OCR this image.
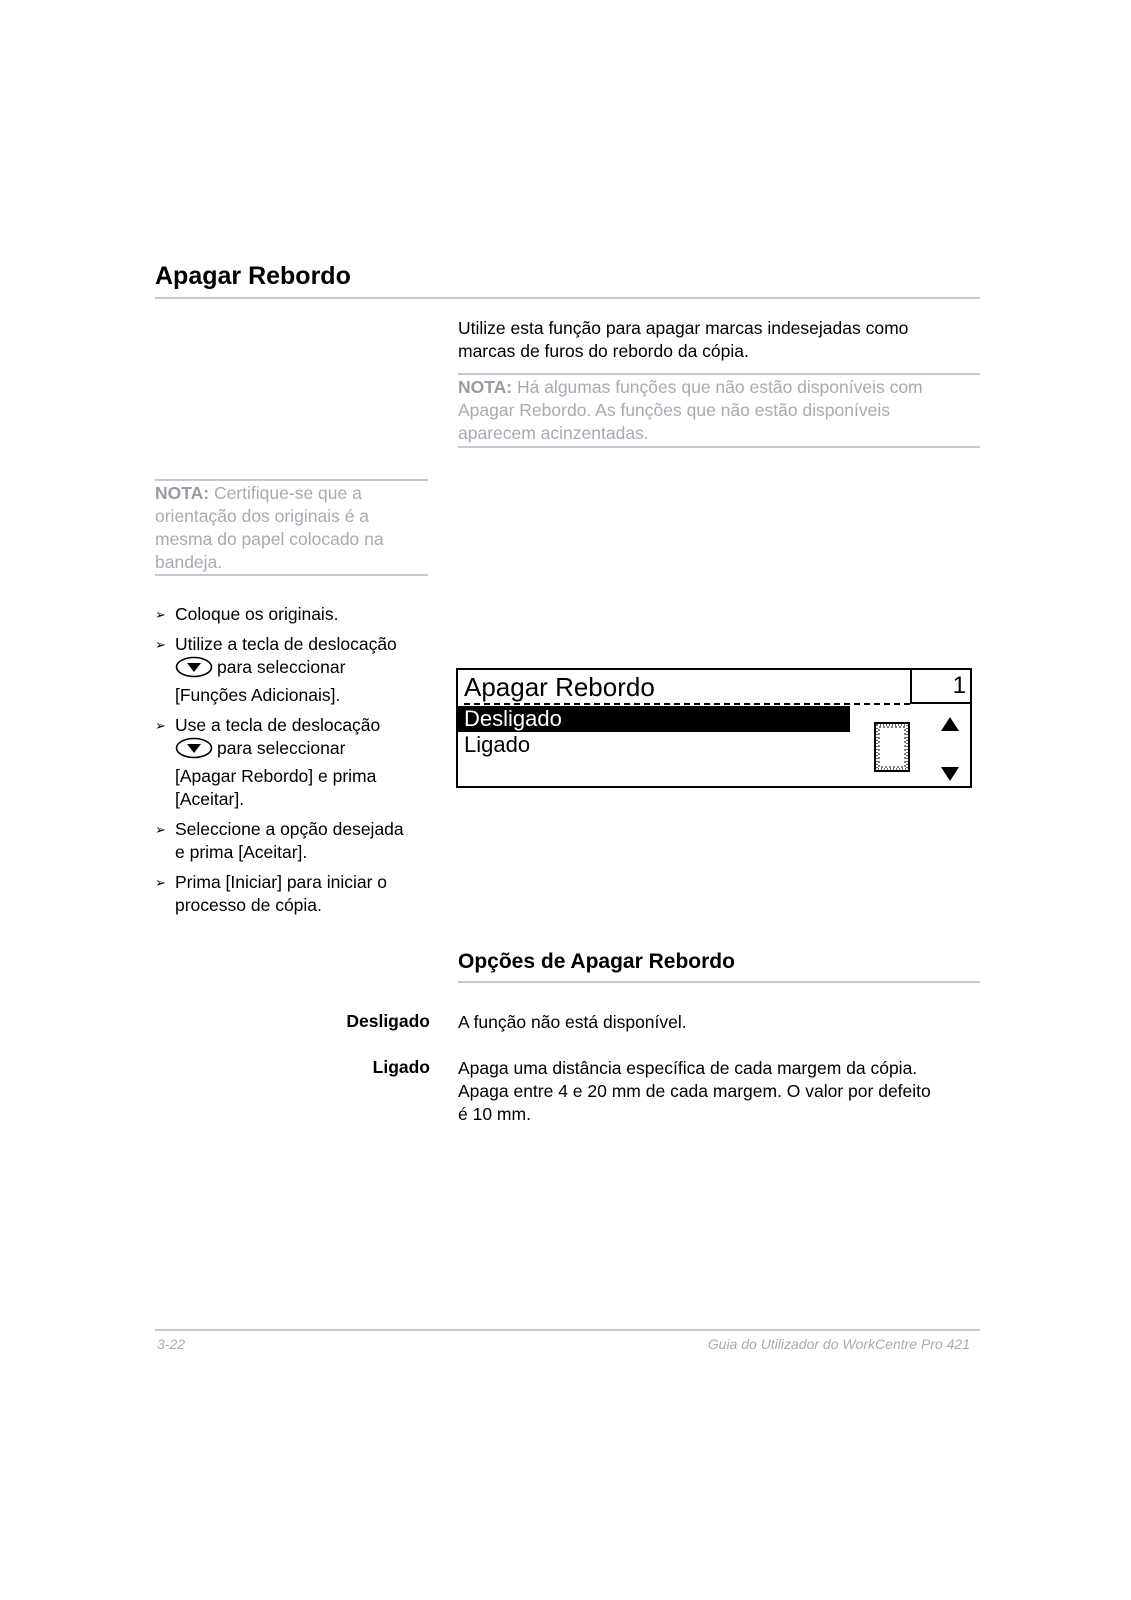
Apagar Rebordo
Utilize esta função para apagar marcas indesejadas como
marcas de furos do rebordo da cópia.
NOTA: Há algumas funções que não estão disponíveis com
Apagar Rebordo. As funções que não estão disponíveis
aparecem acinzentadas.
NOTA: Certifique-se que a
orientação dos originais é a
mesma do papel colocado na
bandeja.
➢ Coloque os originais.
➢ Utilize a tecla de deslocação
para seleccionar
[Funções Adicionais].
➢ Use a tecla de deslocação
para seleccionar
[Apagar Rebordo] e prima
[Aceitar].
➢ Seleccione a opção desejada
e prima [Aceitar].
➢ Prima [Iniciar] para iniciar o
processo de cópia.
Apagar Rebordo	1
Desligado
Ligado
Opções de Apagar Rebordo
Desligado A função não está disponível.
Ligado Apaga uma distância específica de cada margem da cópia.
Apaga entre 4 e 20 mm de cada margem. O valor por defeito
é 10 mm.
3-22	Guia do Utilizador do WorkCentre Pro 421
